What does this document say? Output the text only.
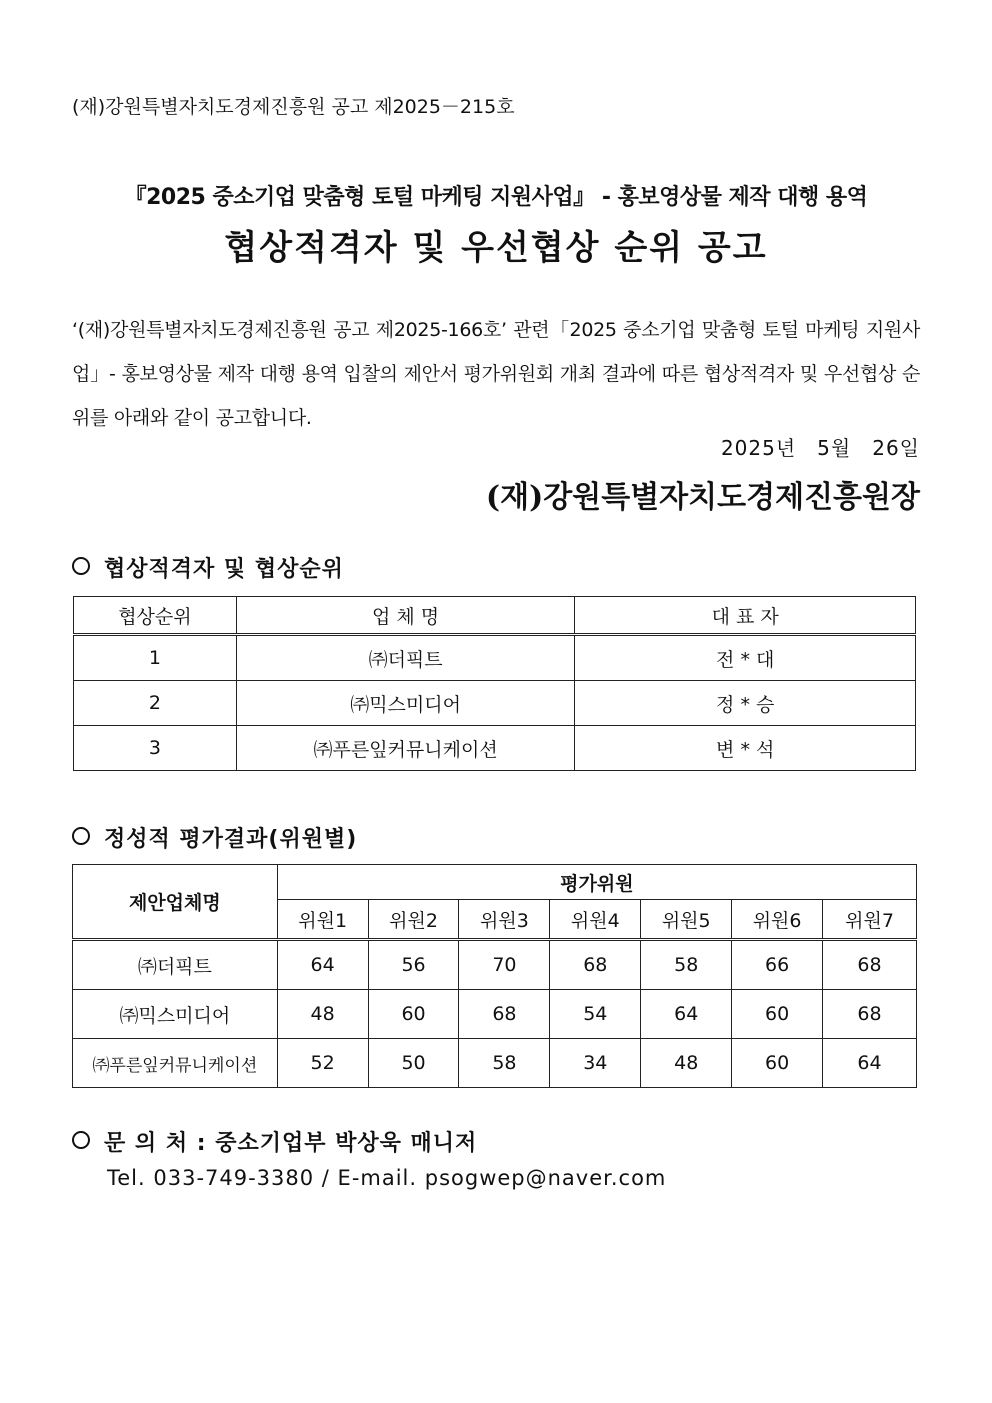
(재)강원특별자치도경제진흥원 공고 제2025－215호
『2025 중소기업 맞춤형 토털 마케팅 지원사업』 - 홍보영상물 제작 대행 용역
협상적격자 및 우선협상 순위 공고
‘(재)강원특별자치도경제진흥원 공고 제2025-166호’ 관련「2025 중소기업 맞춤형 토털 마케팅 지원사업」- 홍보영상물 제작 대행 용역 입찰의 제안서 평가위원회 개최 결과에 따른 협상적격자 및 우선협상 순위를 아래와 같이 공고합니다.
2025년　5월　26일
(재)강원특별자치도경제진흥원장
협상적격자 및 협상순위
협상순위	업 체 명	대 표 자
1	㈜더픽트	전 * 대
2	㈜믹스미디어	정 * 승
3	㈜푸른잎커뮤니케이션	변 * 석
정성적 평가결과(위원별)
제안업체명	평가위원						
	위원1	위원2	위원3	위원4	위원5	위원6	위원7
㈜더픽트	64	56	70	68	58	66	68
㈜믹스미디어	48	60	68	54	64	60	68
㈜푸른잎커뮤니케이션	52	50	58	34	48	60	64
문 의 처 : 중소기업부 박상욱 매니저
Tel. 033-749-3380 / E-mail. psogwep@naver.com
